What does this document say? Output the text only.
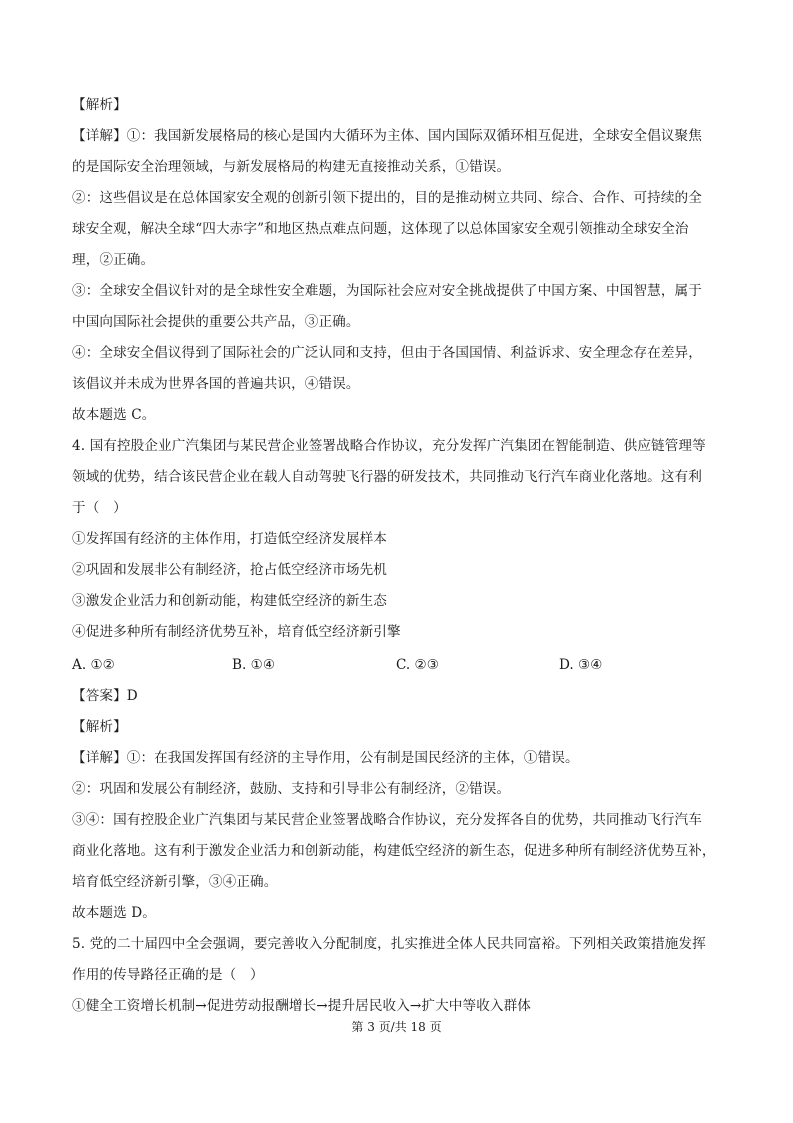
【解析】
【详解】①：我国新发展格局的核心是国内大循环为主体、国内国际双循环相互促进，全球安全倡议聚焦
的是国际安全治理领域，与新发展格局的构建无直接推动关系，①错误。
②：这些倡议是在总体国家安全观的创新引领下提出的，目的是推动树立共同、综合、合作、可持续的全
球安全观，解决全球“四大赤字”和地区热点难点问题，这体现了以总体国家安全观引领推动全球安全治
理，②正确。
③：全球安全倡议针对的是全球性安全难题，为国际社会应对安全挑战提供了中国方案、中国智慧，属于
中国向国际社会提供的重要公共产品，③正确。
④：全球安全倡议得到了国际社会的广泛认同和支持，但由于各国国情、利益诉求、安全理念存在差异，
该倡议并未成为世界各国的普遍共识，④错误。
故本题选 C。
4. 国有控股企业广汽集团与某民营企业签署战略合作协议，充分发挥广汽集团在智能制造、供应链管理等
领域的优势，结合该民营企业在载人自动驾驶飞行器的研发技术，共同推动飞行汽车商业化落地。这有利
于（　）
①发挥国有经济的主体作用，打造低空经济发展样本
②巩固和发展非公有制经济，抢占低空经济市场先机
③激发企业活力和创新动能，构建低空经济的新生态
④促进多种所有制经济优势互补，培育低空经济新引擎
A. ①②	B. ①④	C. ②③	D. ③④
【答案】D
【解析】
【详解】①：在我国发挥国有经济的主导作用，公有制是国民经济的主体，①错误。
②：巩固和发展公有制经济，鼓励、支持和引导非公有制经济，②错误。
③④：国有控股企业广汽集团与某民营企业签署战略合作协议，充分发挥各自的优势，共同推动飞行汽车
商业化落地。这有利于激发企业活力和创新动能，构建低空经济的新生态，促进多种所有制经济优势互补，
培育低空经济新引擎，③④正确。
故本题选 D。
5. 党的二十届四中全会强调，要完善收入分配制度，扎实推进全体人民共同富裕。下列相关政策措施发挥
作用的传导路径正确的是（　）
①健全工资增长机制→促进劳动报酬增长→提升居民收入→扩大中等收入群体
第 3 页/共 18 页
